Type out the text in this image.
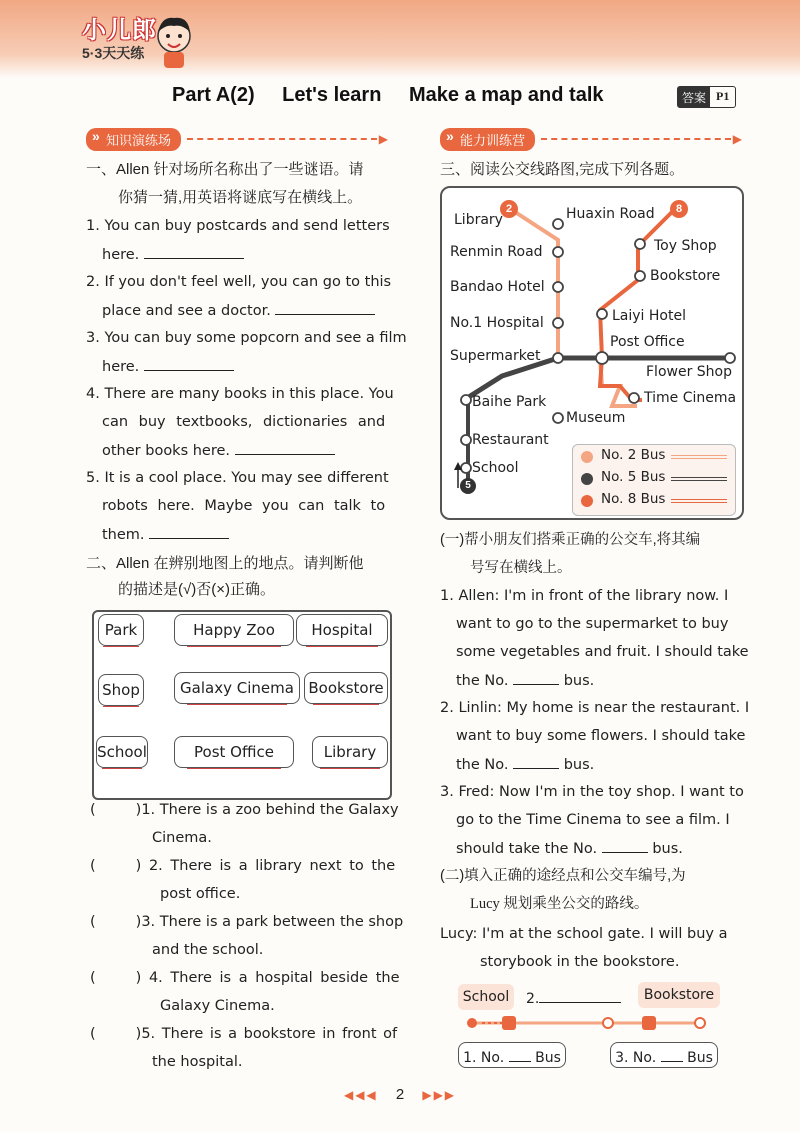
小儿郎
5·3天天练
Part A(2) Let's learn Make a map and talk	答案 P1
» 知识演练场	▶
一、Allen 针对场所名称出了一些谜语。请
你猜一猜,用英语将谜底写在横线上。
1. You can buy postcards and send letters
here.
2. If you don't feel well, you can go to this
place and see a doctor.
3. You can buy some popcorn and see a film
here.
4. There are many books in this place. You
can buy textbooks, dictionaries and
other books here.
5. It is a cool place. You may see different
robots here. Maybe you can talk to
them.
二、Allen 在辨别地图上的地点。请判断他
的描述是(√)否(×)正确。
Park	Happy Zoo	Hospital
Shop	Galaxy Cinema Bookstore
School	Post Office	Library
(	)1. There is a zoo behind the Galaxy
Cinema.
(	) 2. There is a library next to the
post office.
(	)3. There is a park between the shop
and the school.
(	) 4. There is a hospital beside the
Galaxy Cinema.
(	)5. There is a bookstore in front of
the hospital.
» 能力训练营	▶
三、阅读公交线路图,完成下列各题。
2	8
5
Library	Huaxin Road
Renmin Road	Toy Shop
Bookstore
Bandao Hotel
Laiyi Hotel
No.1 Hospital
Post Office
Supermarket
Flower Shop
Baihe Park	Time Cinema
Museum
Restaurant
School
No. 2 Bus
No. 5 Bus
No. 8 Bus
(一)帮小朋友们搭乘正确的公交车,将其编
号写在横线上。
1. Allen: I'm in front of the library now. I
want to go to the supermarket to buy
some vegetables and fruit. I should take
the No.	bus.
2. Linlin: My home is near the restaurant. I
want to buy some flowers. I should take
the No.	bus.
3. Fred: Now I'm in the toy shop. I want to
go to the Time Cinema to see a film. I
should take the No.	bus.
(二)填入正确的途经点和公交车编号,为
Lucy 规划乘坐公交的路线。
Lucy: I'm at the school gate. I will buy a
storybook in the bookstore.
School	2.	Bookstore
1. No. Bus	3. No. Bus
◀◀◀ 2 ▶▶▶
